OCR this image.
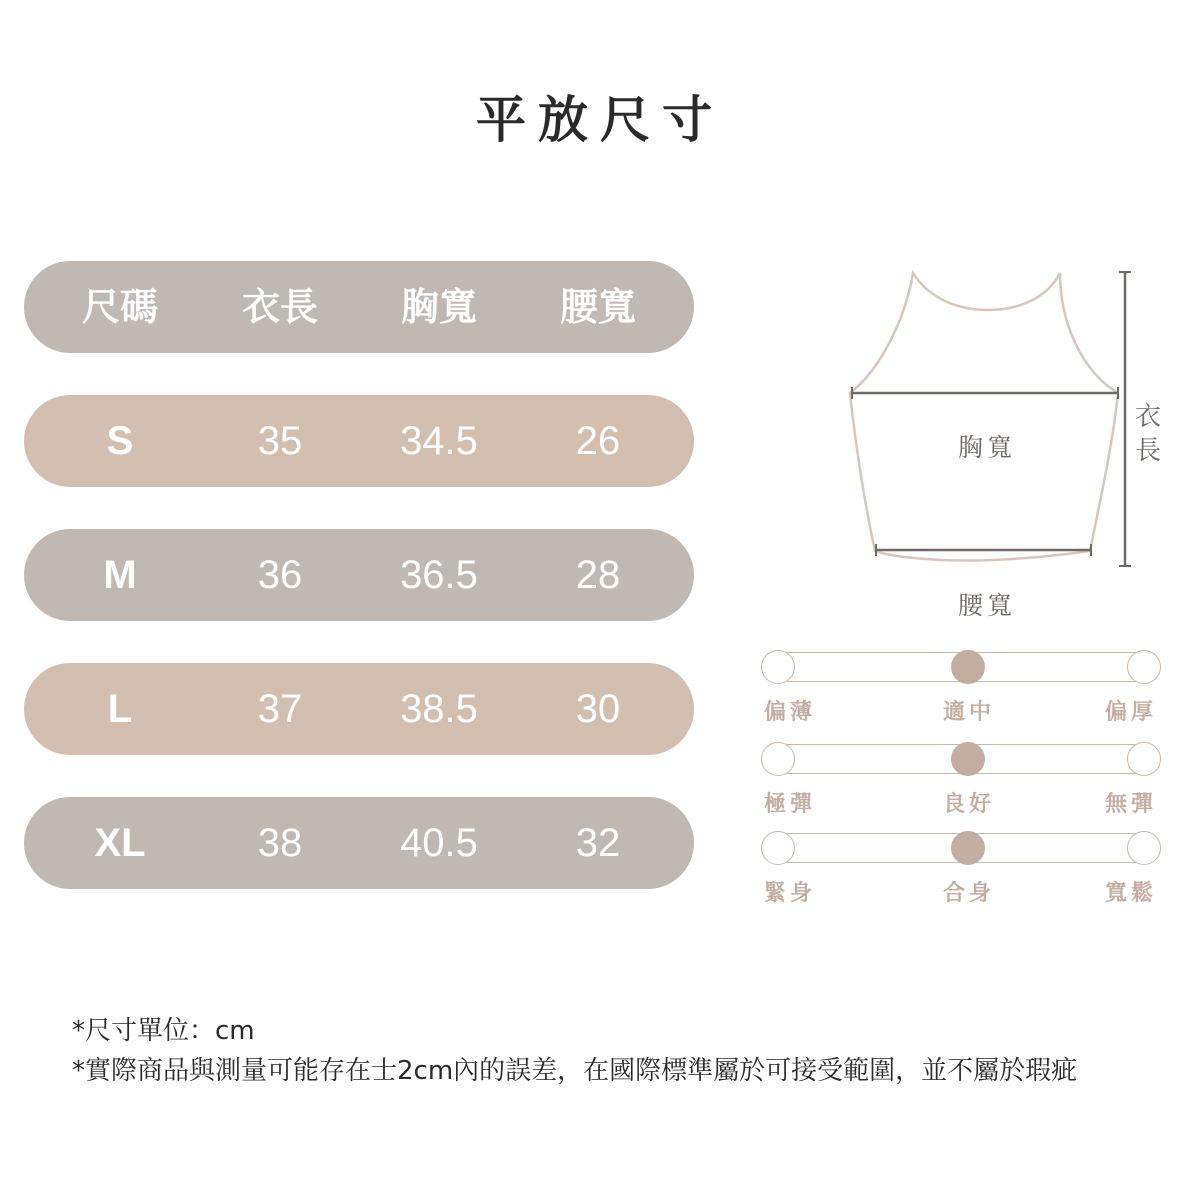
平放尺寸
尺碼	衣長	胸寬	腰寬
S	35	34.5	26
M	36	36.5	28
L	37	38.5	30
XL	38	40.5	32
胸寬
腰寬
衣長
偏薄	適中	偏厚
極彈	良好	無彈
緊身	合身	寬鬆
*尺寸單位：cm
*實際商品與測量可能存在士2cm內的誤差，在國際標準屬於可接受範圍，並不屬於瑕疵
